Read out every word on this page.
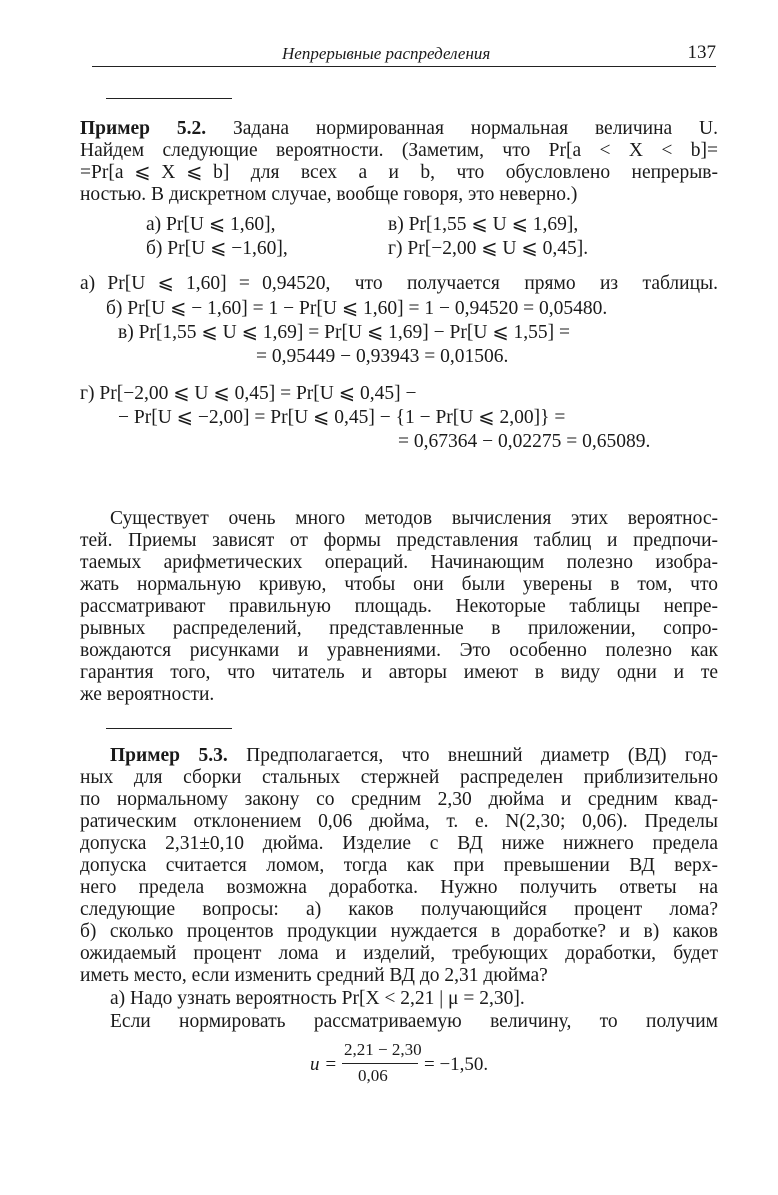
Непрерывные распределения	137
Пример 5.2. Задана нормированная нормальная величина U.
Найдем следующие вероятности. (Заметим, что Pr[a < X < b]=
=Pr[a ⩽ X ⩽ b]  для  всех  a  и  b,  что  обусловлено  непрерыв-
ностью. В дискретном случае, вообще говоря, это неверно.)
а) Pr[U ⩽ 1,60],	в) Pr[1,55 ⩽ U ⩽ 1,69],
б) Pr[U ⩽ −1,60],	г) Pr[−2,00 ⩽ U ⩽ 0,45].
а) Pr[U ⩽ 1,60] = 0,94520,  что  получается  прямо  из  таблицы.
б) Pr[U ⩽ − 1,60] = 1 − Pr[U ⩽ 1,60] = 1 − 0,94520 = 0,05480.
в) Pr[1,55 ⩽ U ⩽ 1,69] = Pr[U ⩽ 1,69] − Pr[U ⩽ 1,55] =
= 0,95449 − 0,93943 = 0,01506.
г) Pr[−2,00 ⩽ U ⩽ 0,45] = Pr[U ⩽ 0,45] −
− Pr[U ⩽ −2,00] = Pr[U ⩽ 0,45] − {1 − Pr[U ⩽ 2,00]} =
= 0,67364 − 0,02275 = 0,65089.
Существует очень много методов вычисления этих вероятнос-
тей. Приемы зависят от формы представления таблиц и предпочи-
таемых арифметических операций. Начинающим полезно изобра-
жать нормальную кривую, чтобы они были уверены в том, что
рассматривают правильную площадь. Некоторые таблицы непре-
рывных распределений, представленные в приложении, сопро-
вождаются рисунками и уравнениями. Это особенно полезно как
гарантия того, что читатель и авторы имеют в виду одни и те
же вероятности.
Пример 5.3. Предполагается, что внешний диаметр (ВД) год-
ных для сборки стальных стержней распределен приблизительно
по нормальному закону со средним 2,30 дюйма и средним квад-
ратическим отклонением 0,06 дюйма, т. е. N(2,30; 0,06). Пределы
допуска 2,31±0,10 дюйма. Изделие с ВД ниже нижнего предела
допуска считается ломом, тогда как при превышении ВД верх-
него предела возможна доработка. Нужно получить ответы на
следующие вопросы: а) каков получающийся процент лома?
б) сколько процентов продукции нуждается в доработке? и в) каков
ожидаемый процент лома и изделий, требующих доработки, будет
иметь место, если изменить средний ВД до 2,31 дюйма?
а) Надо узнать вероятность Pr[X < 2,21 | μ = 2,30].
Если  нормировать  рассматриваемую  величину,  то  получим
u =
2,21 − 2,30
0,06
= −1,50.
